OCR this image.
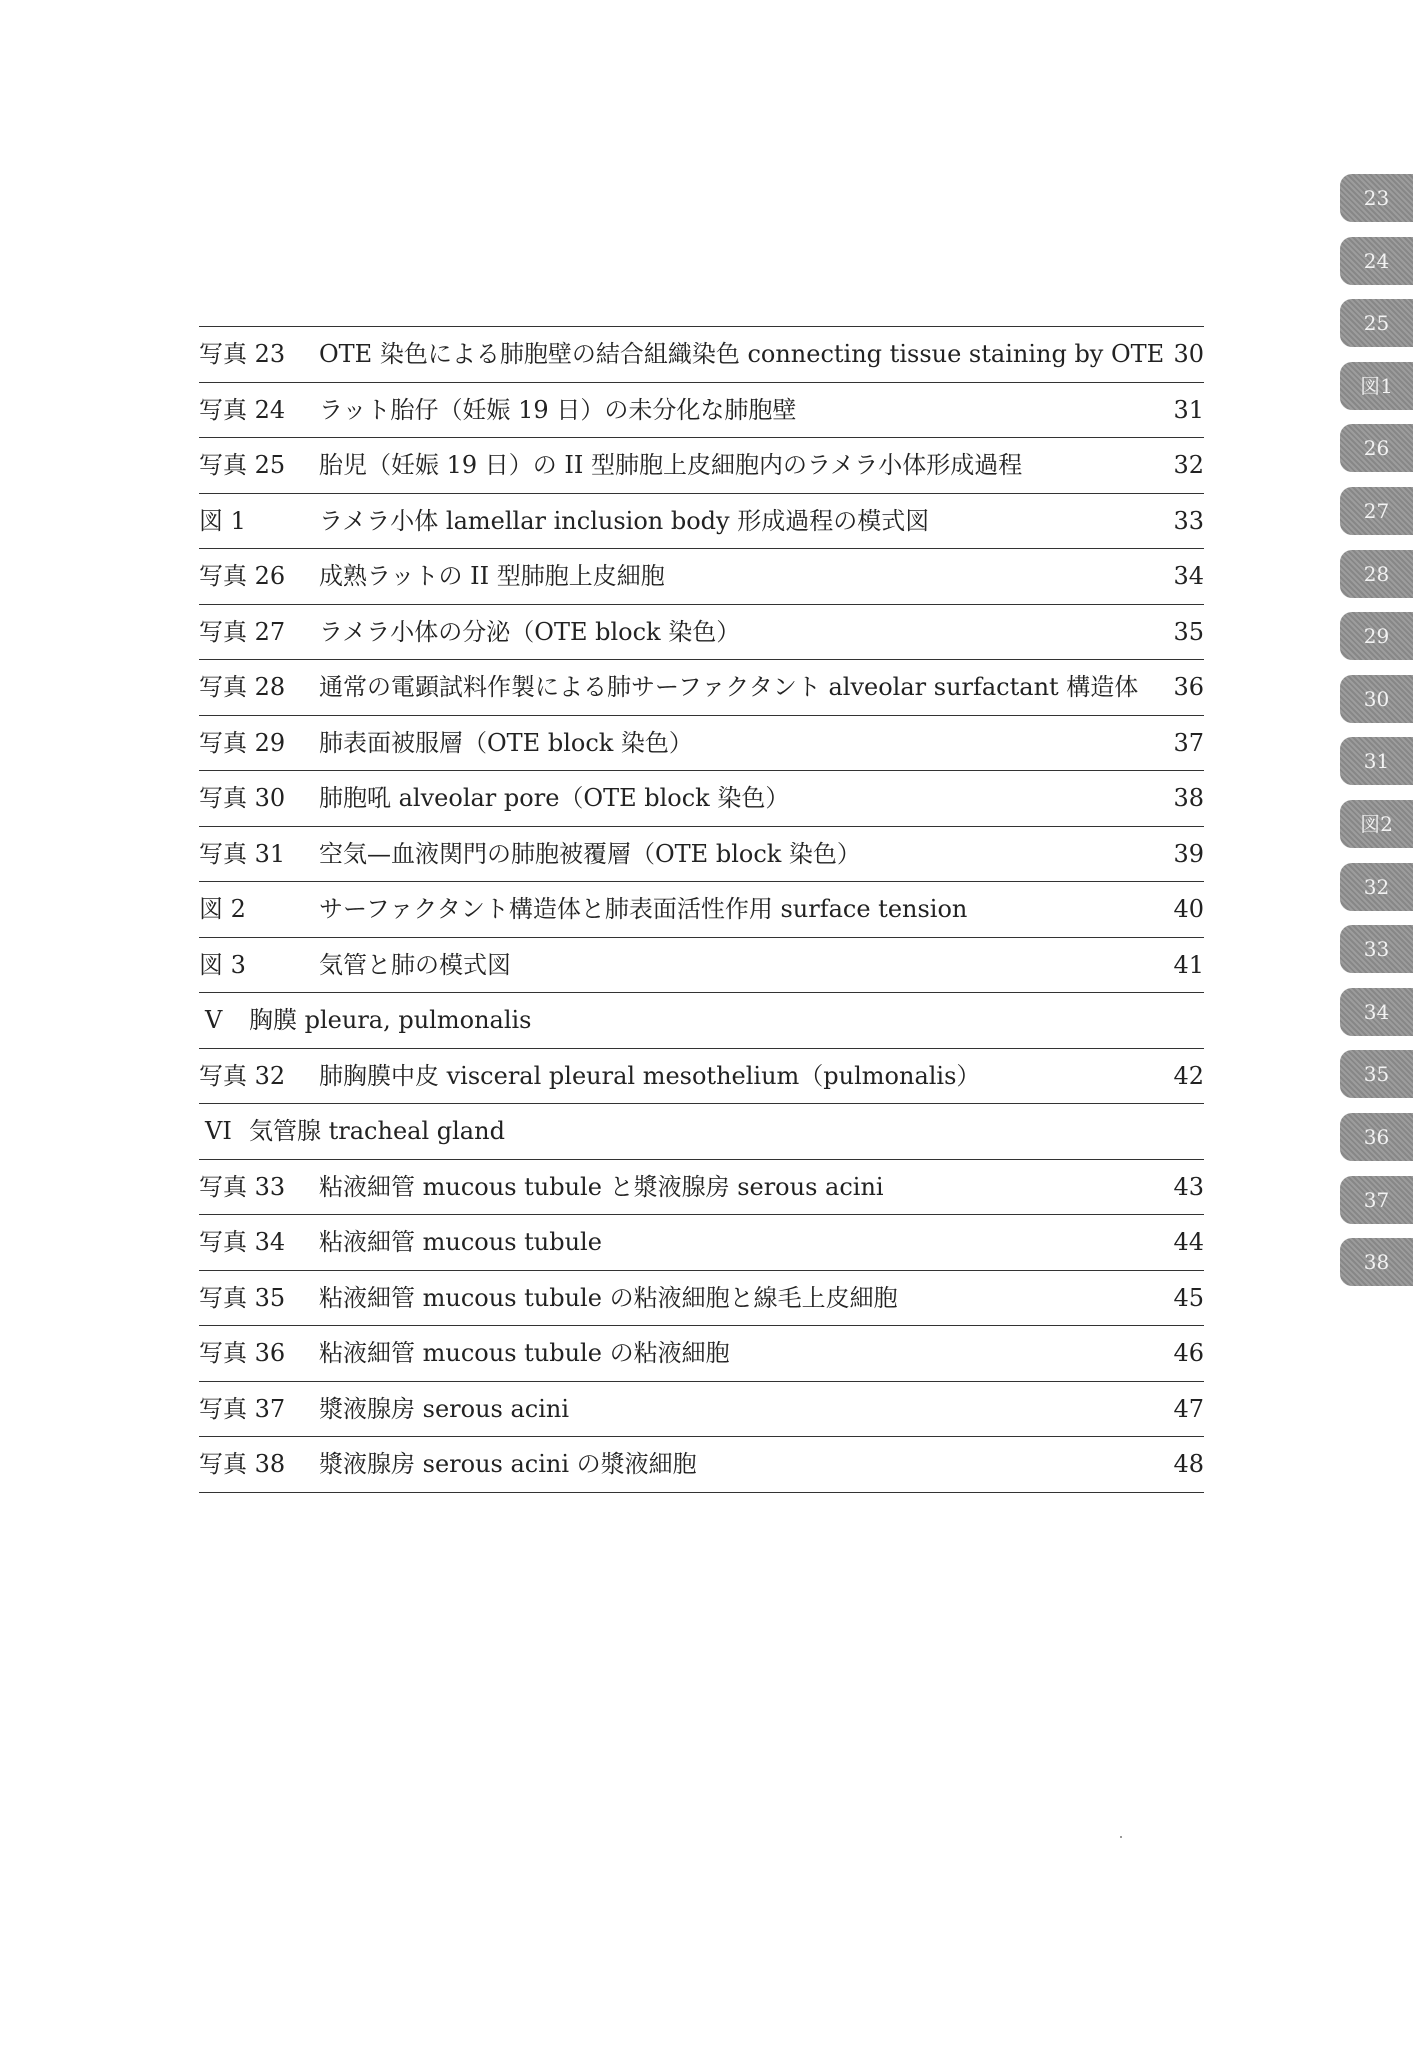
写真 23 OTE 染色による肺胞壁の結合組織染色 connecting tissue staining by OTE 30
写真 24 ラット胎仔（妊娠 19 日）の未分化な肺胞壁	31
写真 25 胎児（妊娠 19 日）の II 型肺胞上皮細胞内のラメラ小体形成過程	32
図 1	ラメラ小体 lamellar inclusion body 形成過程の模式図	33
写真 26 成熟ラットの II 型肺胞上皮細胞	34
写真 27 ラメラ小体の分泌（OTE block 染色）	35
写真 28 通常の電顕試料作製による肺サーファクタント alveolar surfactant 構造体 36
写真 29 肺表面被服層（OTE block 染色）	37
写真 30 肺胞吼 alveolar pore（OTE block 染色）	38
写真 31 空気—血液関門の肺胞被覆層（OTE block 染色）	39
図 2	サーファクタント構造体と肺表面活性作用 surface tension	40
図 3	気管と肺の模式図	41
V 胸膜 pleura, pulmonalis
写真 32 肺胸膜中皮 visceral pleural mesothelium（pulmonalis）	42
VI 気管腺 tracheal gland
写真 33 粘液細管 mucous tubule と漿液腺房 serous acini	43
写真 34 粘液細管 mucous tubule	44
写真 35 粘液細管 mucous tubule の粘液細胞と線毛上皮細胞	45
写真 36 粘液細管 mucous tubule の粘液細胞	46
写真 37 漿液腺房 serous acini	47
写真 38 漿液腺房 serous acini の漿液細胞	48
23
24
25
図1
26
27
28
29
30
31
図2
32
33
34
35
36
37
38
